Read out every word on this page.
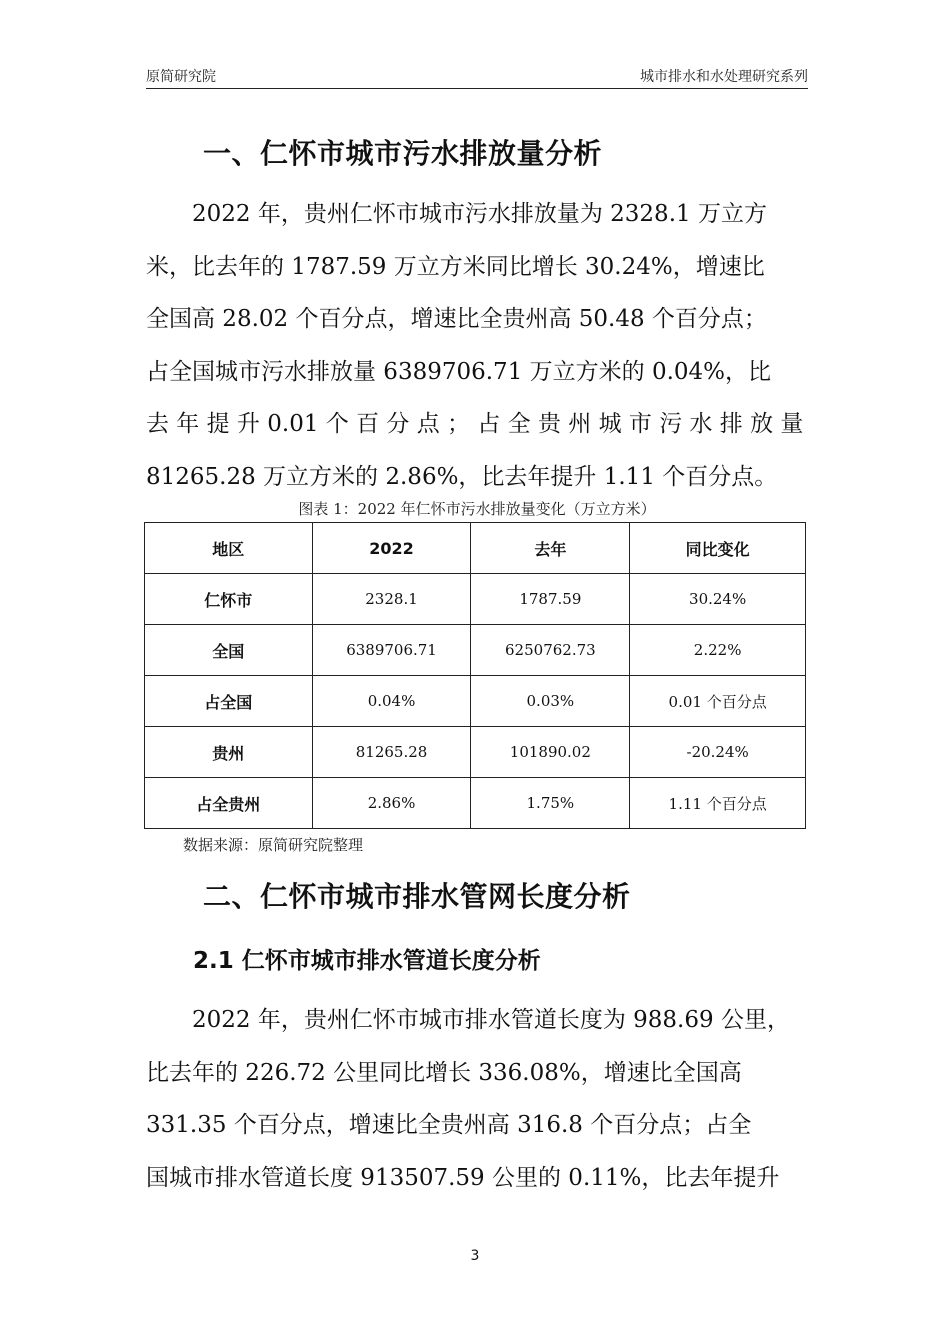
原简研究院	城市排水和水处理研究系列
一、仁怀市城市污水排放量分析
2022 年，贵州仁怀市城市污水排放量为 2328.1 万立方
米，比去年的 1787.59 万立方米同比增长 30.24%，增速比
全国高 28.02 个百分点，增速比全贵州高 50.48 个百分点；
占全国城市污水排放量 6389706.71 万立方米的 0.04%，比
去 年 提 升 0.01 个 百 分 点 ； 占 全 贵 州 城 市 污 水 排 放 量
81265.28 万立方米的 2.86%，比去年提升 1.11 个百分点。
图表 1：2022 年仁怀市污水排放量变化（万立方米）
地区	2022	去年	同比变化
仁怀市	2328.1	1787.59	30.24%
全国	6389706.71	6250762.73	2.22%
占全国	0.04%	0.03%	0.01 个百分点
贵州	81265.28	101890.02	-20.24%
占全贵州	2.86%	1.75%	1.11 个百分点
数据来源：原简研究院整理
二、仁怀市城市排水管网长度分析
2.1 仁怀市城市排水管道长度分析
2022 年，贵州仁怀市城市排水管道长度为 988.69 公里，
比去年的 226.72 公里同比增长 336.08%，增速比全国高
331.35 个百分点，增速比全贵州高 316.8 个百分点；占全
国城市排水管道长度 913507.59 公里的 0.11%，比去年提升
3
